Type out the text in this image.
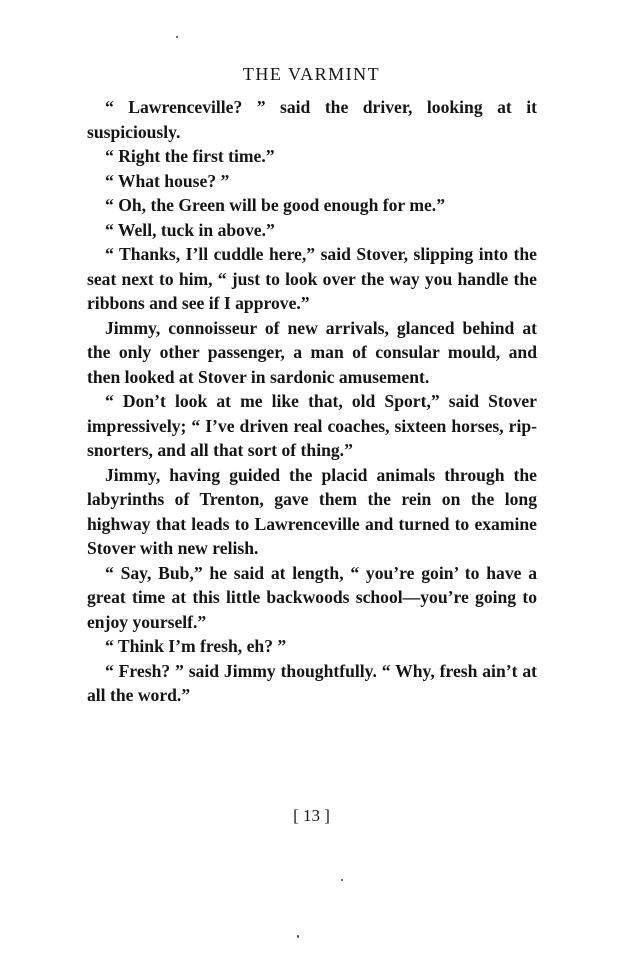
THE VARMINT

“ Lawrenceville? ” said the driver, looking at it suspiciously.

“ Right the first time.”

“ What house? ”

“ Oh, the Green will be good enough for me.”

“ Well, tuck in above.”

“ Thanks, I’ll cuddle here,” said Stover, slipping into the seat next to him, “ just to look over the way you handle the ribbons and see if I approve.”

Jimmy, connoisseur of new arrivals, glanced behind at the only other passenger, a man of consular mould, and then looked at Stover in sardonic amusement.

“ Don’t look at me like that, old Sport,” said Stover impressively; “ I’ve driven real coaches, sixteen horses, rip-snorters, and all that sort of thing.”

Jimmy, having guided the placid animals through the labyrinths of Trenton, gave them the rein on the long highway that leads to Lawrenceville and turned to examine Stover with new relish.

“ Say, Bub,” he said at length, “ you’re goin’ to have a great time at this little backwoods school—you’re going to enjoy yourself.”

“ Think I’m fresh, eh? ”

“ Fresh? ” said Jimmy thoughtfully. “ Why, fresh ain’t at all the word.”

[ 13 ]
